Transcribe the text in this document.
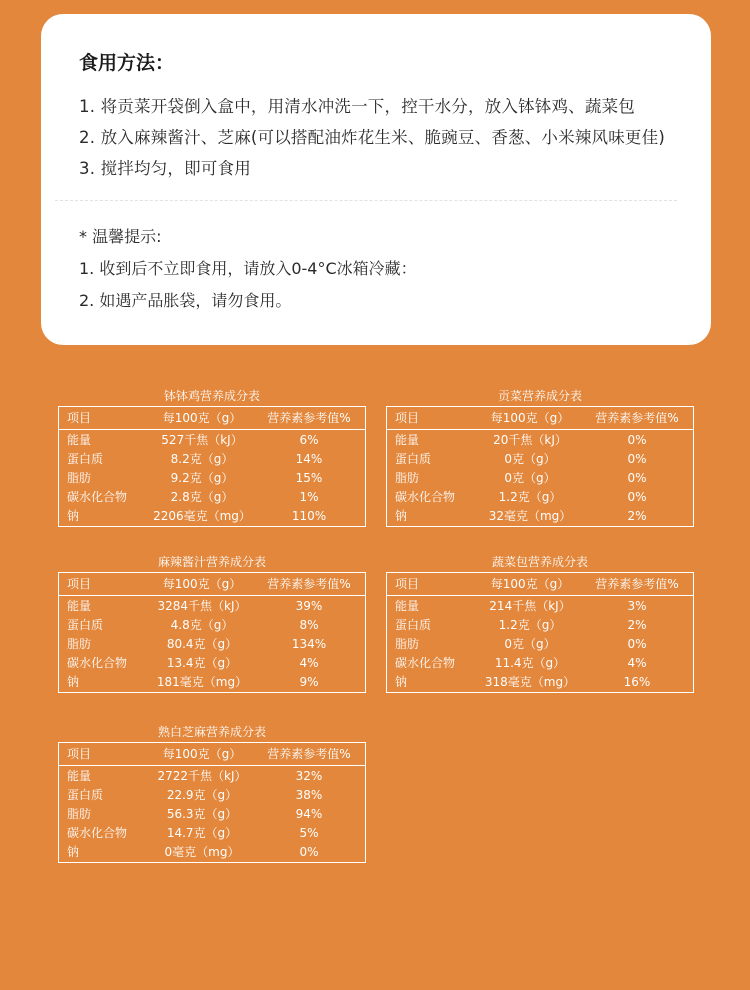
食用方法：
1. 将贡菜开袋倒入盒中，用清水冲洗一下，控干水分，放入钵钵鸡、蔬菜包
2. 放入麻辣酱汁、芝麻(可以搭配油炸花生米、脆豌豆、香葱、小米辣风味更佳)
3. 搅拌均匀，即可食用
* 温馨提示:
1. 收到后不立即食用，请放入0-4°C冰箱冷藏：
2. 如遇产品胀袋，请勿食用。
钵钵鸡营养成分表
项目	每100克（g）	营养素参考值%
能量	527千焦（kJ）	6%
蛋白质	8.2克（g）	14%
脂肪	9.2克（g）	15%
碳水化合物	2.8克（g）	1%
钠	2206毫克（mg）	110%
贡菜营养成分表
项目	每100克（g）	营养素参考值%
能量	20千焦（kJ）	0%
蛋白质	0克（g）	0%
脂肪	0克（g）	0%
碳水化合物	1.2克（g）	0%
钠	32毫克（mg）	2%
麻辣酱汁营养成分表
项目	每100克（g）	营养素参考值%
能量	3284千焦（kJ）	39%
蛋白质	4.8克（g）	8%
脂肪	80.4克（g）	134%
碳水化合物	13.4克（g）	4%
钠	181毫克（mg）	9%
蔬菜包营养成分表
项目	每100克（g）	营养素参考值%
能量	214千焦（kJ）	3%
蛋白质	1.2克（g）	2%
脂肪	0克（g）	0%
碳水化合物	11.4克（g）	4%
钠	318毫克（mg）	16%
熟白芝麻营养成分表
项目	每100克（g）	营养素参考值%
能量	2722千焦（kJ）	32%
蛋白质	22.9克（g）	38%
脂肪	56.3克（g）	94%
碳水化合物	14.7克（g）	5%
钠	0毫克（mg）	0%
